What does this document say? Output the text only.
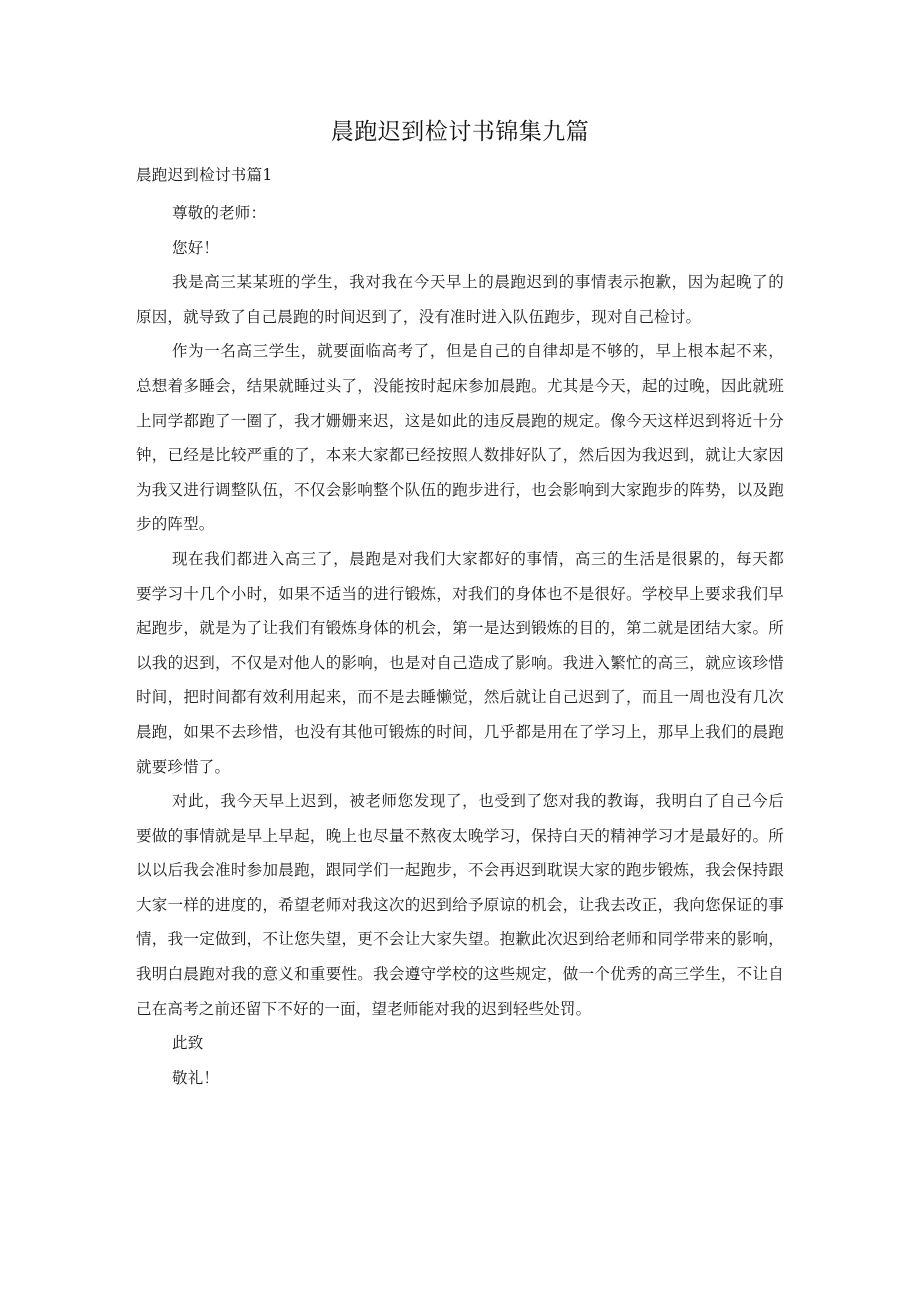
晨跑迟到检讨书锦集九篇
晨跑迟到检讨书篇1

尊敬的老师：

您好！

我是高三某某班的学生，我对我在今天早上的晨跑迟到的事情表示抱歉，因为起晚了的原因，就导致了自己晨跑的时间迟到了，没有准时进入队伍跑步，现对自己检讨。

作为一名高三学生，就要面临高考了，但是自己的自律却是不够的，早上根本起不来，总想着多睡会，结果就睡过头了，没能按时起床参加晨跑。尤其是今天，起的过晚，因此就班上同学都跑了一圈了，我才姗姗来迟，这是如此的违反晨跑的规定。像今天这样迟到将近十分钟，已经是比较严重的了，本来大家都已经按照人数排好队了，然后因为我迟到，就让大家因为我又进行调整队伍，不仅会影响整个队伍的跑步进行，也会影响到大家跑步的阵势，以及跑步的阵型。

现在我们都进入高三了，晨跑是对我们大家都好的事情，高三的生活是很累的，每天都要学习十几个小时，如果不适当的进行锻炼，对我们的身体也不是很好。学校早上要求我们早起跑步，就是为了让我们有锻炼身体的机会，第一是达到锻炼的目的，第二就是团结大家。所以我的迟到，不仅是对他人的影响，也是对自己造成了影响。我进入繁忙的高三，就应该珍惜时间，把时间都有效利用起来，而不是去睡懒觉，然后就让自己迟到了，而且一周也没有几次晨跑，如果不去珍惜，也没有其他可锻炼的时间，几乎都是用在了学习上，那早上我们的晨跑就要珍惜了。

对此，我今天早上迟到，被老师您发现了，也受到了您对我的教诲，我明白了自己今后要做的事情就是早上早起，晚上也尽量不熬夜太晚学习，保持白天的精神学习才是最好的。所以以后我会准时参加晨跑，跟同学们一起跑步，不会再迟到耽误大家的跑步锻炼，我会保持跟大家一样的进度的，希望老师对我这次的迟到给予原谅的机会，让我去改正，我向您保证的事情，我一定做到，不让您失望，更不会让大家失望。抱歉此次迟到给老师和同学带来的影响，我明白晨跑对我的意义和重要性。我会遵守学校的这些规定，做一个优秀的高三学生，不让自己在高考之前还留下不好的一面，望老师能对我的迟到轻些处罚。

此致

敬礼！
